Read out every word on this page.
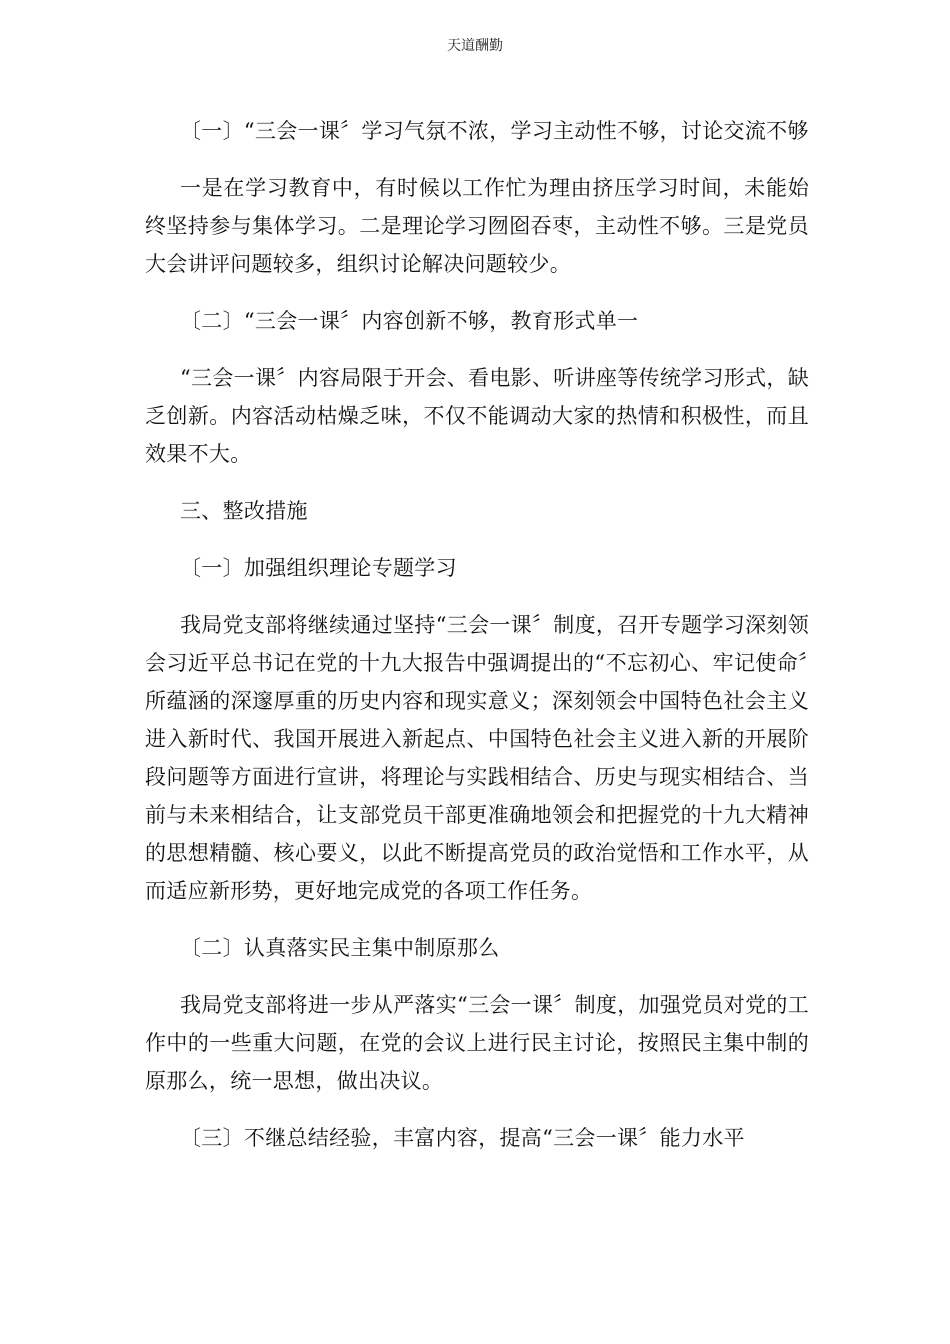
天道酬勤

〔一〕“三会一课〞学习气氛不浓，学习主动性不够，讨论交流不够

一是在学习教育中，有时候以工作忙为理由挤压学习时间，未能始终坚持参与集体学习。二是理论学习囫囵吞枣，主动性不够。三是党员大会讲评问题较多，组织讨论解决问题较少。

〔二〕“三会一课〞内容创新不够，教育形式单一

“三会一课〞内容局限于开会、看电影、听讲座等传统学习形式，缺乏创新。内容活动枯燥乏味，不仅不能调动大家的热情和积极性，而且效果不大。

三、整改措施

〔一〕加强组织理论专题学习

我局党支部将继续通过坚持“三会一课〞制度，召开专题学习深刻领会习近平总书记在党的十九大报告中强调提出的“不忘初心、牢记使命〞所蕴涵的深邃厚重的历史内容和现实意义；深刻领会中国特色社会主义进入新时代、我国开展进入新起点、中国特色社会主义进入新的开展阶段问题等方面进行宣讲，将理论与实践相结合、历史与现实相结合、当前与未来相结合，让支部党员干部更准确地领会和把握党的十九大精神的思想精髓、核心要义，以此不断提高党员的政治觉悟和工作水平，从而适应新形势，更好地完成党的各项工作任务。

〔二〕认真落实民主集中制原那么

我局党支部将进一步从严落实“三会一课〞制度，加强党员对党的工作中的一些重大问题，在党的会议上进行民主讨论，按照民主集中制的原那么，统一思想，做出决议。

〔三〕不继总结经验，丰富内容，提高“三会一课〞能力水平
